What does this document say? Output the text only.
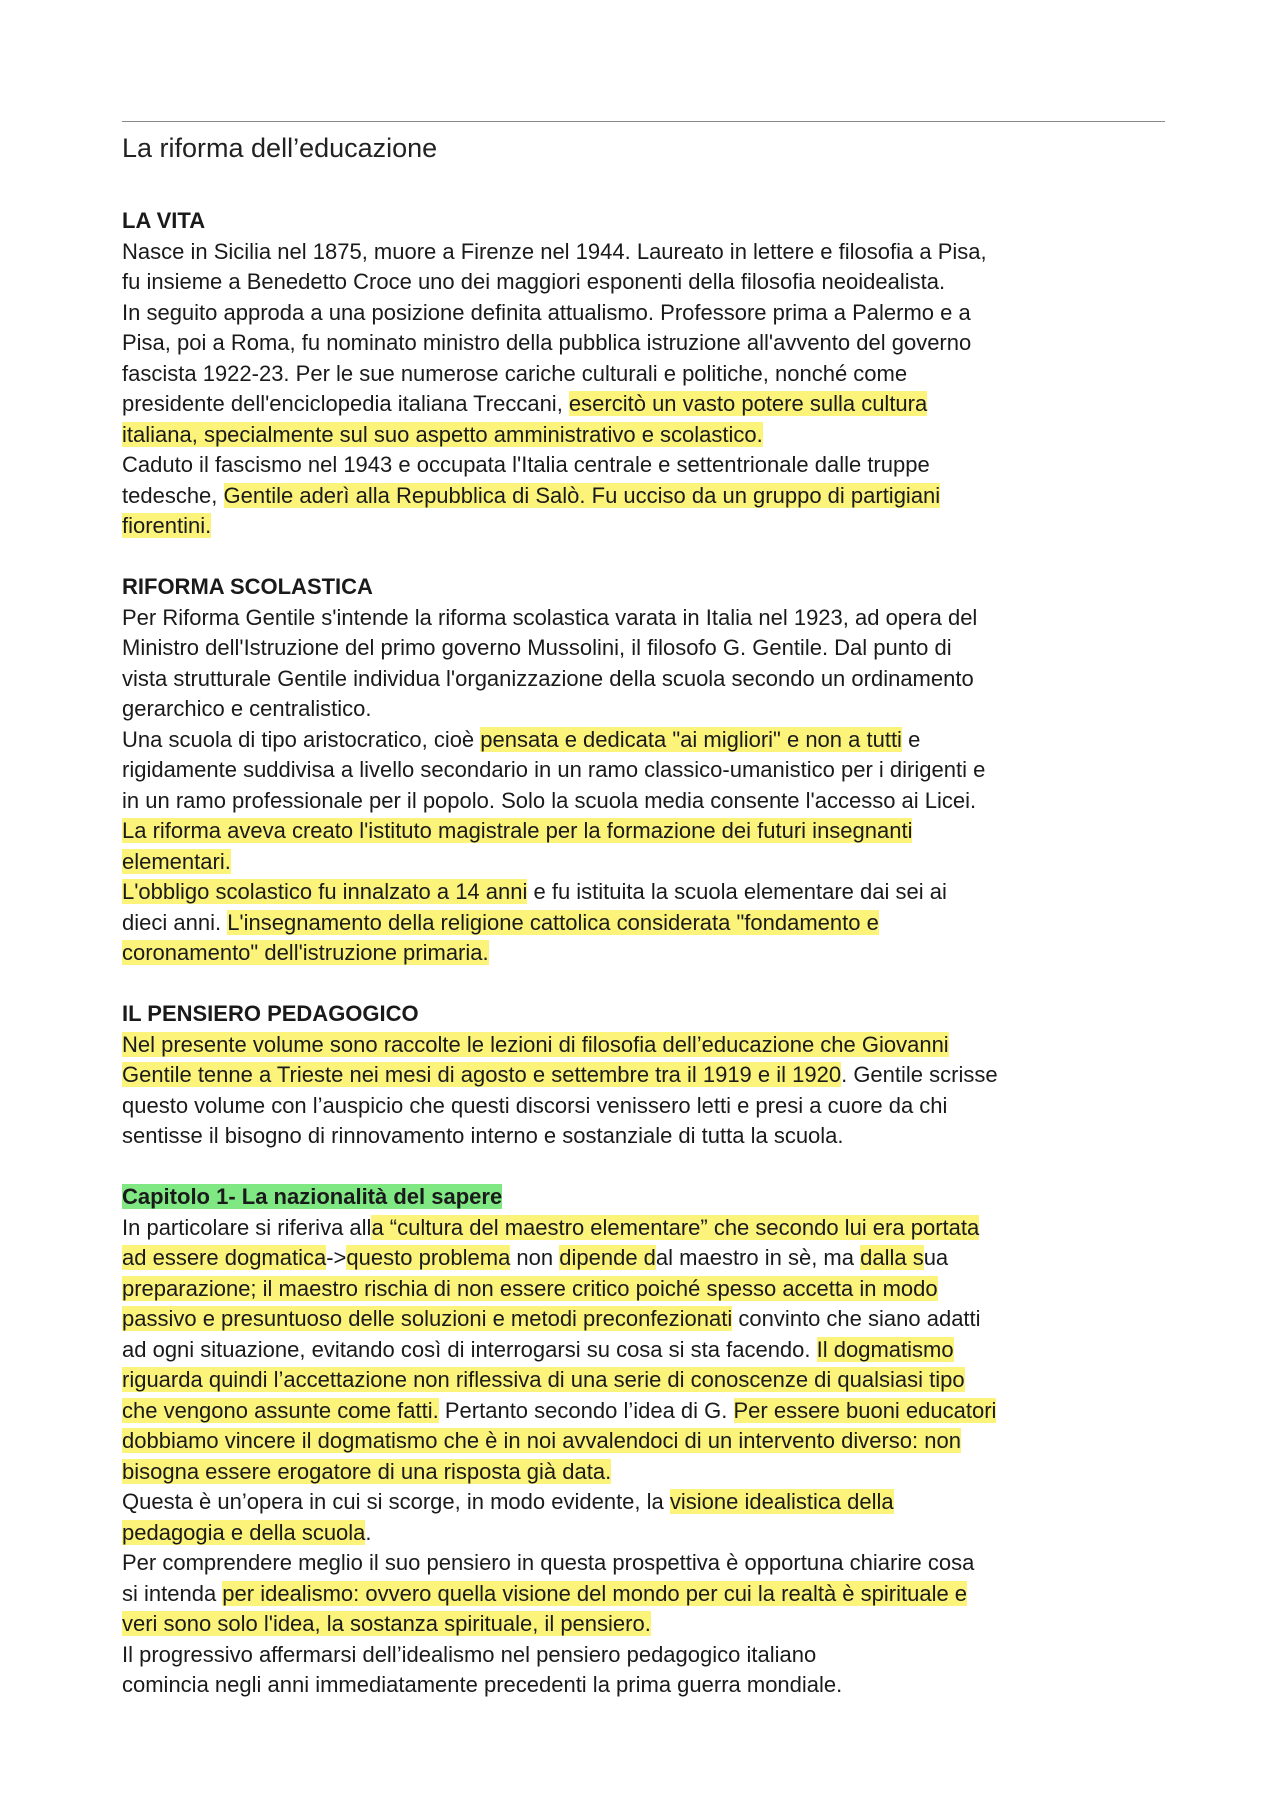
La riforma dell’educazione
LA VITA
Nasce in Sicilia nel 1875, muore a Firenze nel 1944. Laureato in lettere e filosofia a Pisa,
fu insieme a Benedetto Croce uno dei maggiori esponenti della filosofia neoidealista.
In seguito approda a una posizione definita attualismo. Professore prima a Palermo e a
Pisa, poi a Roma, fu nominato ministro della pubblica istruzione all'avvento del governo
fascista 1922-23. Per le sue numerose cariche culturali e politiche, nonché come
presidente dell'enciclopedia italiana Treccani, esercitò un vasto potere sulla cultura
italiana, specialmente sul suo aspetto amministrativo e scolastico.
Caduto il fascismo nel 1943 e occupata l'Italia centrale e settentrionale dalle truppe
tedesche, Gentile aderì alla Repubblica di Salò. Fu ucciso da un gruppo di partigiani
fiorentini.
RIFORMA SCOLASTICA
Per Riforma Gentile s'intende la riforma scolastica varata in Italia nel 1923, ad opera del
Ministro dell'Istruzione del primo governo Mussolini, il filosofo G. Gentile. Dal punto di
vista strutturale Gentile individua l'organizzazione della scuola secondo un ordinamento
gerarchico e centralistico.
Una scuola di tipo aristocratico, cioè pensata e dedicata "ai migliori" e non a tutti e
rigidamente suddivisa a livello secondario in un ramo classico-umanistico per i dirigenti e
in un ramo professionale per il popolo. Solo la scuola media consente l'accesso ai Licei.
La riforma aveva creato l'istituto magistrale per la formazione dei futuri insegnanti
elementari.
L'obbligo scolastico fu innalzato a 14 anni e fu istituita la scuola elementare dai sei ai
dieci anni. L'insegnamento della religione cattolica considerata "fondamento e
coronamento" dell'istruzione primaria.
IL PENSIERO PEDAGOGICO
Nel presente volume sono raccolte le lezioni di filosofia dell’educazione che Giovanni
Gentile tenne a Trieste nei mesi di agosto e settembre tra il 1919 e il 1920. Gentile scrisse
questo volume con l’auspicio che questi discorsi venissero letti e presi a cuore da chi
sentisse il bisogno di rinnovamento interno e sostanziale di tutta la scuola.
Capitolo 1- La nazionalità del sapere
In particolare si riferiva alla “cultura del maestro elementare” che secondo lui era portata
ad essere dogmatica->questo problema non dipende dal maestro in sè, ma dalla sua
preparazione; il maestro rischia di non essere critico poiché spesso accetta in modo
passivo e presuntuoso delle soluzioni e metodi preconfezionati convinto che siano adatti
ad ogni situazione, evitando così di interrogarsi su cosa si sta facendo. Il dogmatismo
riguarda quindi l’accettazione non riflessiva di una serie di conoscenze di qualsiasi tipo
che vengono assunte come fatti. Pertanto secondo l’idea di G. Per essere buoni educatori
dobbiamo vincere il dogmatismo che è in noi avvalendoci di un intervento diverso: non
bisogna essere erogatore di una risposta già data.
Questa è un’opera in cui si scorge, in modo evidente, la visione idealistica della
pedagogia e della scuola.
Per comprendere meglio il suo pensiero in questa prospettiva è opportuna chiarire cosa
si intenda per idealismo: ovvero quella visione del mondo per cui la realtà è spirituale e
veri sono solo l'idea, la sostanza spirituale, il pensiero.
Il progressivo affermarsi dell’idealismo nel pensiero pedagogico italiano
comincia negli anni immediatamente precedenti la prima guerra mondiale.
